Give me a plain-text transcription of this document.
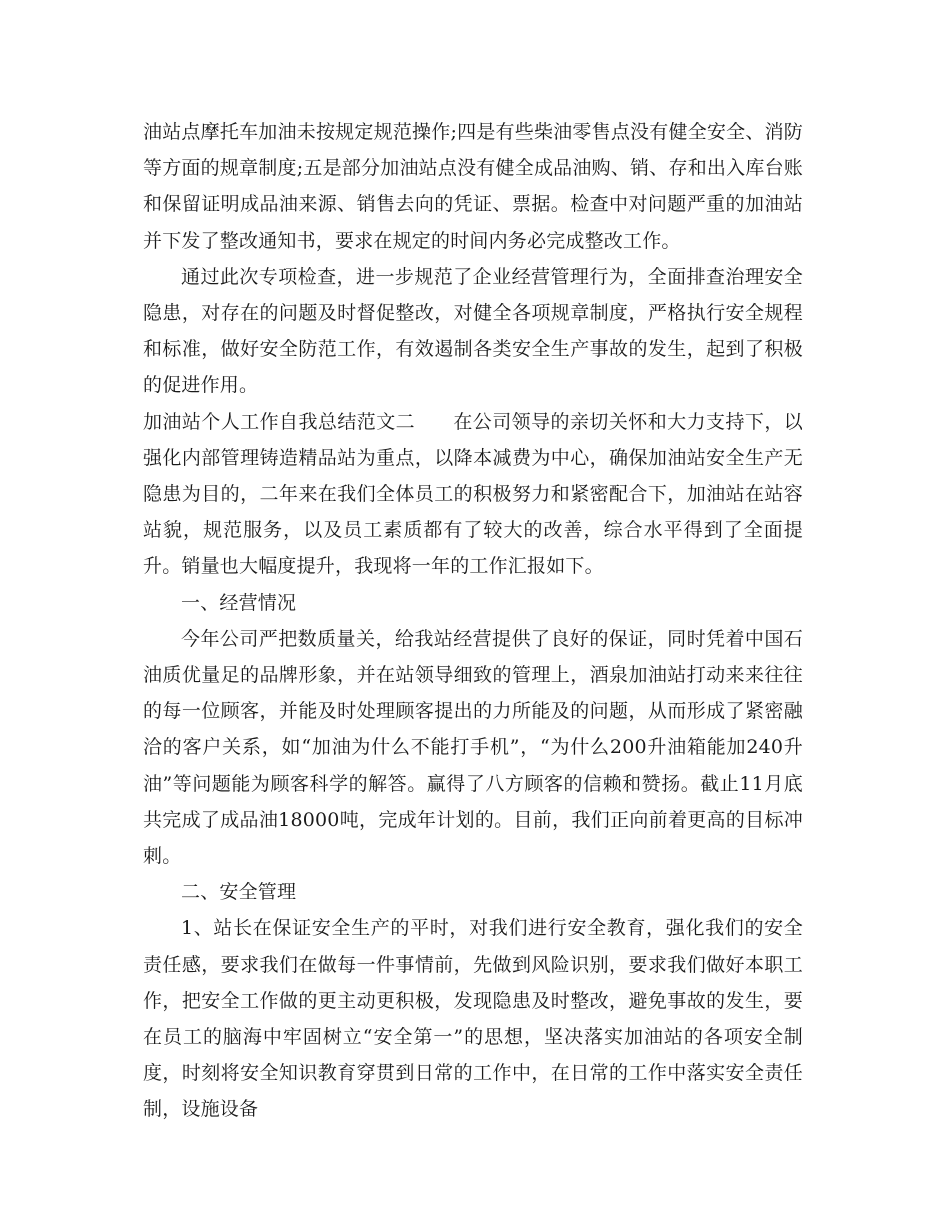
油站点摩托车加油未按规定规范操作;四是有些柴油零售点没有健全安全、消防等方面的规章制度;五是部分加油站点没有健全成品油购、销、存和出入库台账和保留证明成品油来源、销售去向的凭证、票据。检查中对问题严重的加油站并下发了整改通知书，要求在规定的时间内务必完成整改工作。

通过此次专项检查，进一步规范了企业经营管理行为，全面排查治理安全隐患，对存在的问题及时督促整改，对健全各项规章制度，严格执行安全规程和标准，做好安全防范工作，有效遏制各类安全生产事故的发生，起到了积极的促进作用。

加油站个人工作自我总结范文二 在公司领导的亲切关怀和大力支持下，以强化内部管理铸造精品站为重点，以降本减费为中心，确保加油站安全生产无隐患为目的，二年来在我们全体员工的积极努力和紧密配合下，加油站在站容站貌，规范服务，以及员工素质都有了较大的改善，综合水平得到了全面提升。销量也大幅度提升，我现将一年的工作汇报如下。

一、经营情况

今年公司严把数质量关，给我站经营提供了良好的保证，同时凭着中国石油质优量足的品牌形象，并在站领导细致的管理上，酒泉加油站打动来来往往的每一位顾客，并能及时处理顾客提出的力所能及的问题，从而形成了紧密融洽的客户关系，如“加油为什么不能打手机”，“为什么200升油箱能加240升油”等问题能为顾客科学的解答。赢得了八方顾客的信赖和赞扬。截止11月底共完成了成品油18000吨，完成年计划的。目前，我们正向前着更高的目标冲刺。

二、安全管理

1、站长在保证安全生产的平时，对我们进行安全教育，强化我们的安全责任感，要求我们在做每一件事情前，先做到风险识别，要求我们做好本职工作，把安全工作做的更主动更积极，发现隐患及时整改，避免事故的发生，要在员工的脑海中牢固树立“安全第一”的思想，坚决落实加油站的各项安全制度，时刻将安全知识教育穿贯到日常的工作中，在日常的工作中落实安全责任制，设施设备
